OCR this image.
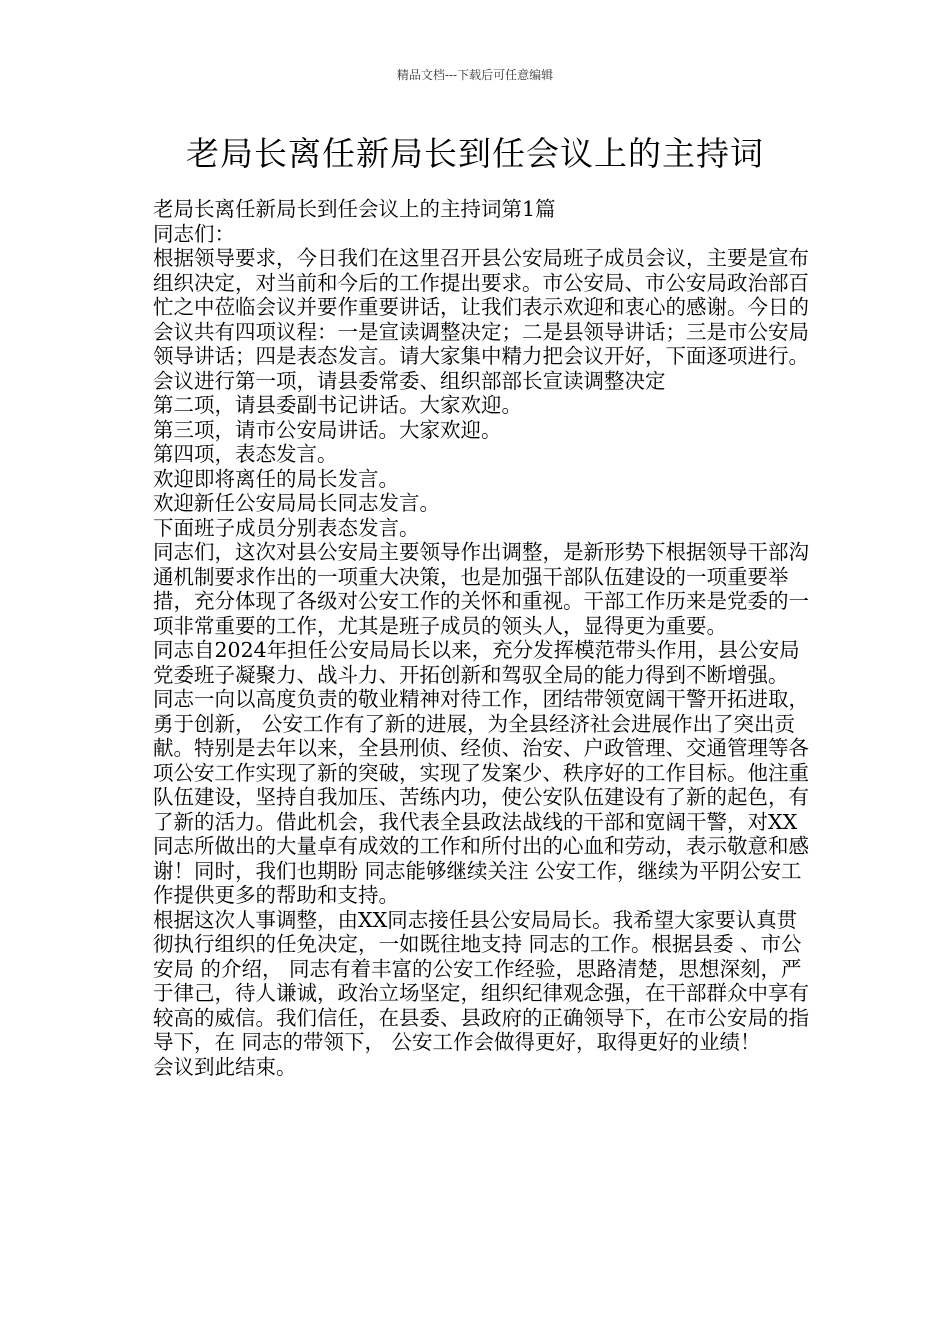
精品文档---下载后可任意编辑
老局长离任新局长到任会议上的主持词

老局长离任新局长到任会议上的主持词第1篇

同志们：

根据领导要求，今日我们在这里召开县公安局班子成员会议，主要是宣布组织决定，对当前和今后的工作提出要求。市公安局、市公安局政治部百忙之中莅临会议并要作重要讲话，让我们表示欢迎和衷心的感谢。今日的会议共有四项议程：一是宣读调整决定；二是县领导讲话；三是市公安局领导讲话；四是表态发言。请大家集中精力把会议开好，下面逐项进行。

会议进行第一项，请县委常委、组织部部长宣读调整决定

第二项，请县委副书记讲话。大家欢迎。

第三项，请市公安局讲话。大家欢迎。

第四项，表态发言。

欢迎即将离任的局长发言。

欢迎新任公安局局长同志发言。

下面班子成员分别表态发言。

同志们，这次对县公安局主要领导作出调整，是新形势下根据领导干部沟通机制要求作出的一项重大决策，也是加强干部队伍建设的一项重要举措，充分体现了各级对公安工作的关怀和重视。干部工作历来是党委的一项非常重要的工作，尤其是班子成员的领头人，显得更为重要。

同志自2024年担任公安局局长以来，充分发挥模范带头作用，县公安局

党委班子凝聚力、战斗力、开拓创新和驾驭全局的能力得到不断增强。 同志一向以高度负责的敬业精神对待工作，团结带领宽阔干警开拓进取，勇于创新， 公安工作有了新的进展，为全县经济社会进展作出了突出贡献。特别是去年以来，全县刑侦、经侦、治安、户政管理、交通管理等各项公安工作实现了新的突破，实现了发案少、秩序好的工作目标。他注重队伍建设，坚持自我加压、苦练内功，使公安队伍建设有了新的起色，有了新的活力。借此机会，我代表全县政法战线的干部和宽阔干警，对XX同志所做出的大量卓有成效的工作和所付出的心血和劳动，表示敬意和感谢！同时，我们也期盼 同志能够继续关注 公安工作，继续为平阴公安工作提供更多的帮助和支持。

根据这次人事调整，由XX同志接任县公安局局长。我希望大家要认真贯彻执行组织的任免决定，一如既往地支持 同志的工作。根据县委 、市公安局 的介绍， 同志有着丰富的公安工作经验，思路清楚，思想深刻，严于律己，待人谦诚，政治立场坚定，组织纪律观念强，在干部群众中享有较高的威信。我们信任，在县委、县政府的正确领导下，在市公安局的指导下，在 同志的带领下， 公安工作会做得更好，取得更好的业绩！

会议到此结束。
